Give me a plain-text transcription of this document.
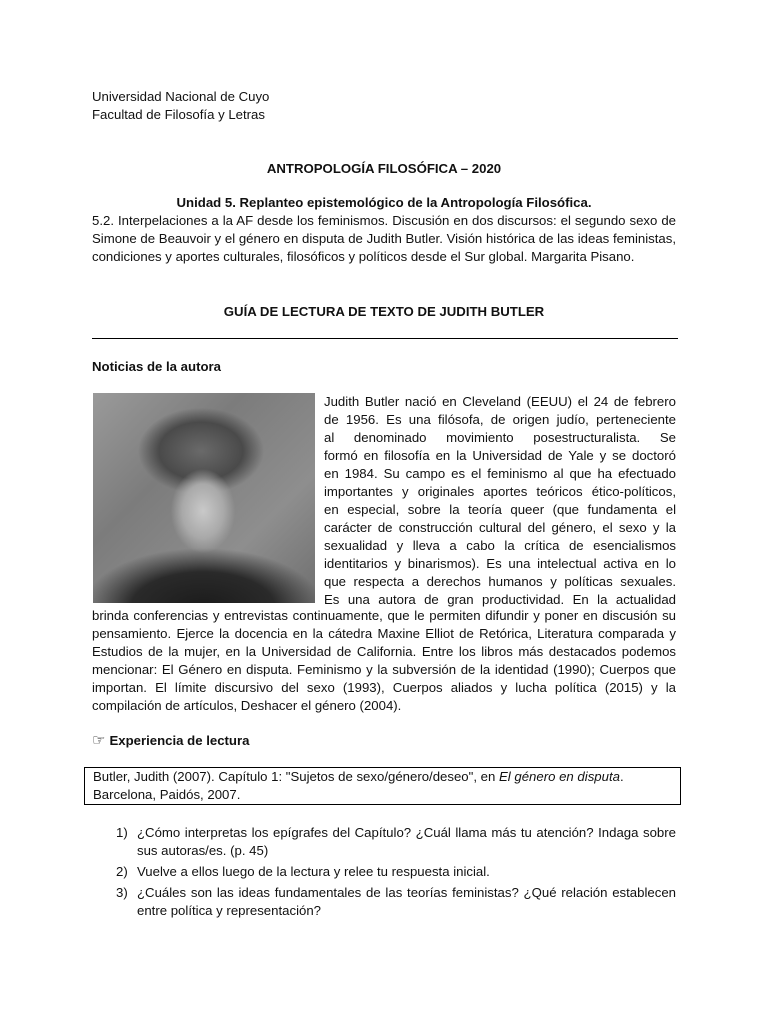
Universidad Nacional de Cuyo
Facultad de Filosofía y Letras
ANTROPOLOGÍA FILOSÓFICA – 2020
Unidad 5. Replanteo epistemológico de la Antropología Filosófica.
5.2. Interpelaciones a la AF desde los feminismos. Discusión en dos discursos: el segundo sexo de Simone de Beauvoir y el género en disputa de Judith Butler. Visión histórica de las ideas feministas, condiciones y aportes culturales, filosóficos y políticos desde el Sur global. Margarita Pisano.
GUÍA DE LECTURA DE TEXTO DE JUDITH BUTLER
Noticias de la autora
Judith Butler nació en Cleveland (EEUU) el 24 de febrero
de 1956. Es una filósofa, de origen judío, perteneciente
al denominado movimiento posestructuralista. Se
formó en filosofía en la Universidad de Yale y se doctoró
en 1984. Su campo es el feminismo al que ha efectuado
importantes y originales aportes teóricos ético-políticos,
en especial, sobre la teoría queer (que fundamenta el
carácter de construcción cultural del género, el sexo y la
sexualidad y lleva a cabo la crítica de esencialismos
identitarios y binarismos). Es una intelectual activa en lo
que respecta a derechos humanos y políticas sexuales.
Es una autora de gran productividad. En la actualidad
brinda conferencias y entrevistas continuamente, que le permiten difundir y poner en discusión su pensamiento. Ejerce la docencia en la cátedra Maxine Elliot de Retórica, Literatura comparada y Estudios de la mujer, en la Universidad de California. Entre los libros más destacados podemos mencionar: El Género en disputa. Feminismo y la subversión de la identidad (1990); Cuerpos que importan. El límite discursivo del sexo (1993), Cuerpos aliados y lucha política (2015) y la compilación de artículos, Deshacer el género (2004).
☞ Experiencia de lectura
Butler, Judith (2007). Capítulo 1: "Sujetos de sexo/género/deseo", en El género en disputa.
Barcelona, Paidós, 2007.
1) ¿Cómo interpretas los epígrafes del Capítulo? ¿Cuál llama más tu atención? Indaga sobre sus autoras/es. (p. 45)
2) Vuelve a ellos luego de la lectura y relee tu respuesta inicial.
3) ¿Cuáles son las ideas fundamentales de las teorías feministas? ¿Qué relación establecen entre política y representación?
